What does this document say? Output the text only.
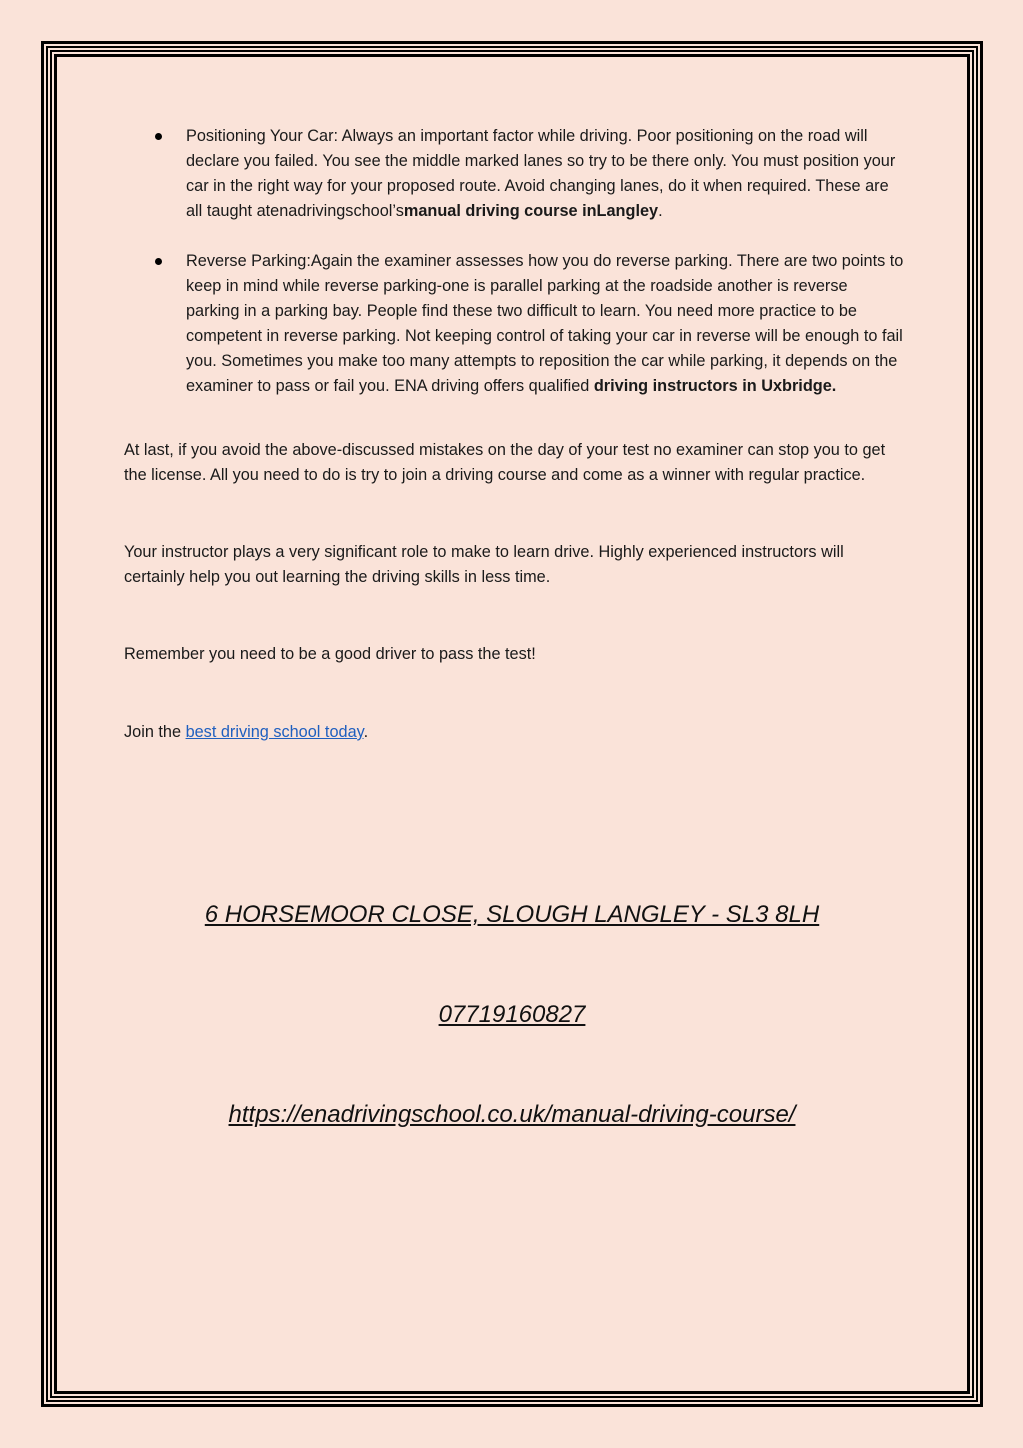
Positioning Your Car: Always an important factor while driving. Poor positioning on the road will declare you failed. You see the middle marked lanes so try to be there only. You must position your car in the right way for your proposed route. Avoid changing lanes, do it when required. These are all taught atenadrivingschool’smanual driving course inLangley.
Reverse Parking:Again the examiner assesses how you do reverse parking. There are two points to keep in mind while reverse parking-one is parallel parking at the roadside another is reverse parking in a parking bay. People find these two difficult to learn. You need more practice to be competent in reverse parking. Not keeping control of taking your car in reverse will be enough to fail you. Sometimes you make too many attempts to reposition the car while parking, it depends on the examiner to pass or fail you. ENA driving offers qualified driving instructors in Uxbridge.

At last, if you avoid the above-discussed mistakes on the day of your test no examiner can stop you to get the license. All you need to do is try to join a driving course and come as a winner with regular practice.

Your instructor plays a very significant role to make to learn drive. Highly experienced instructors will certainly help you out learning the driving skills in less time.

Remember you need to be a good driver to pass the test!

Join the best driving school today.

6 HORSEMOOR CLOSE, SLOUGH LANGLEY - SL3 8LH
07719160827
https://enadrivingschool.co.uk/manual-driving-course/
